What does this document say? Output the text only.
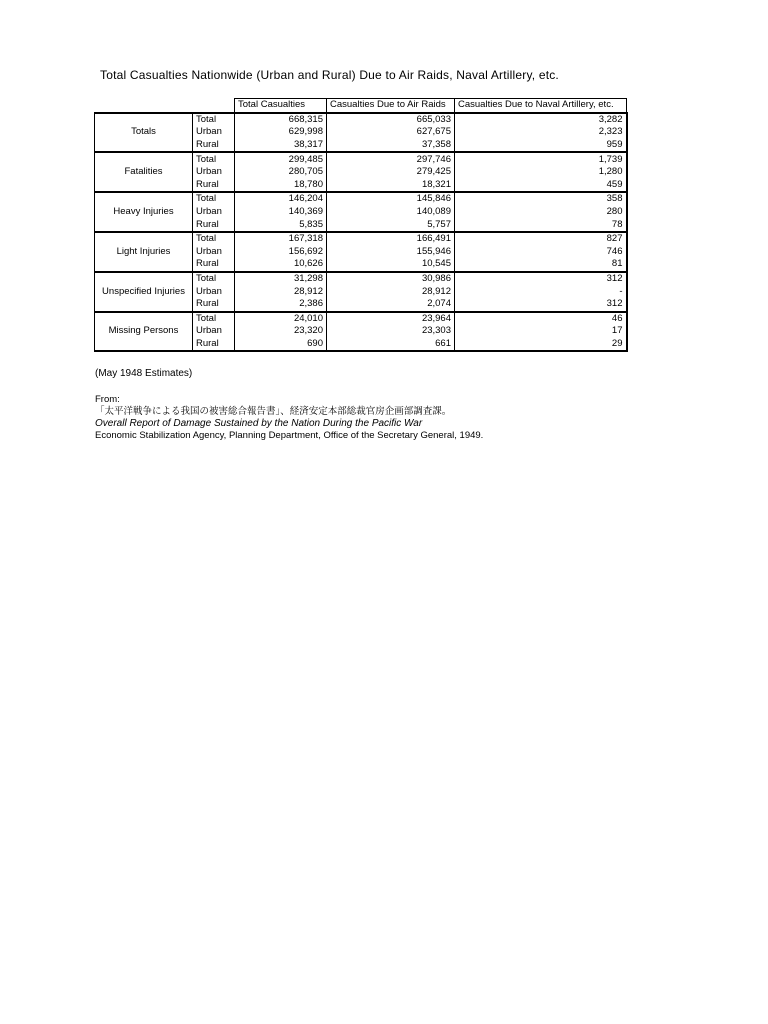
Total Casualties Nationwide (Urban and Rural) Due to Air Raids, Naval Artillery, etc.
		Total Casualties	Casualties Due to Air Raids	Casualties Due to Naval Artillery, etc.
Totals	Total	668,315	665,033	3,282
	Urban	629,998	627,675	2,323
	Rural	38,317	37,358	959
Fatalities	Total	299,485	297,746	1,739
	Urban	280,705	279,425	1,280
	Rural	18,780	18,321	459
Heavy Injuries	Total	146,204	145,846	358
	Urban	140,369	140,089	280
	Rural	5,835	5,757	78
Light Injuries	Total	167,318	166,491	827
	Urban	156,692	155,946	746
	Rural	10,626	10,545	81
Unspecified Injuries	Total	31,298	30,986	312
	Urban	28,912	28,912	-
	Rural	2,386	2,074	312
Missing Persons	Total	24,010	23,964	46
	Urban	23,320	23,303	17
	Rural	690	661	29
(May 1948 Estimates)
From:
「太平洋戦争による我国の被害総合報告書」、経済安定本部総裁官房企画部調査課。
Overall Report of Damage Sustained by the Nation During the Pacific War
Economic Stabilization Agency, Planning Department, Office of the Secretary General, 1949.
